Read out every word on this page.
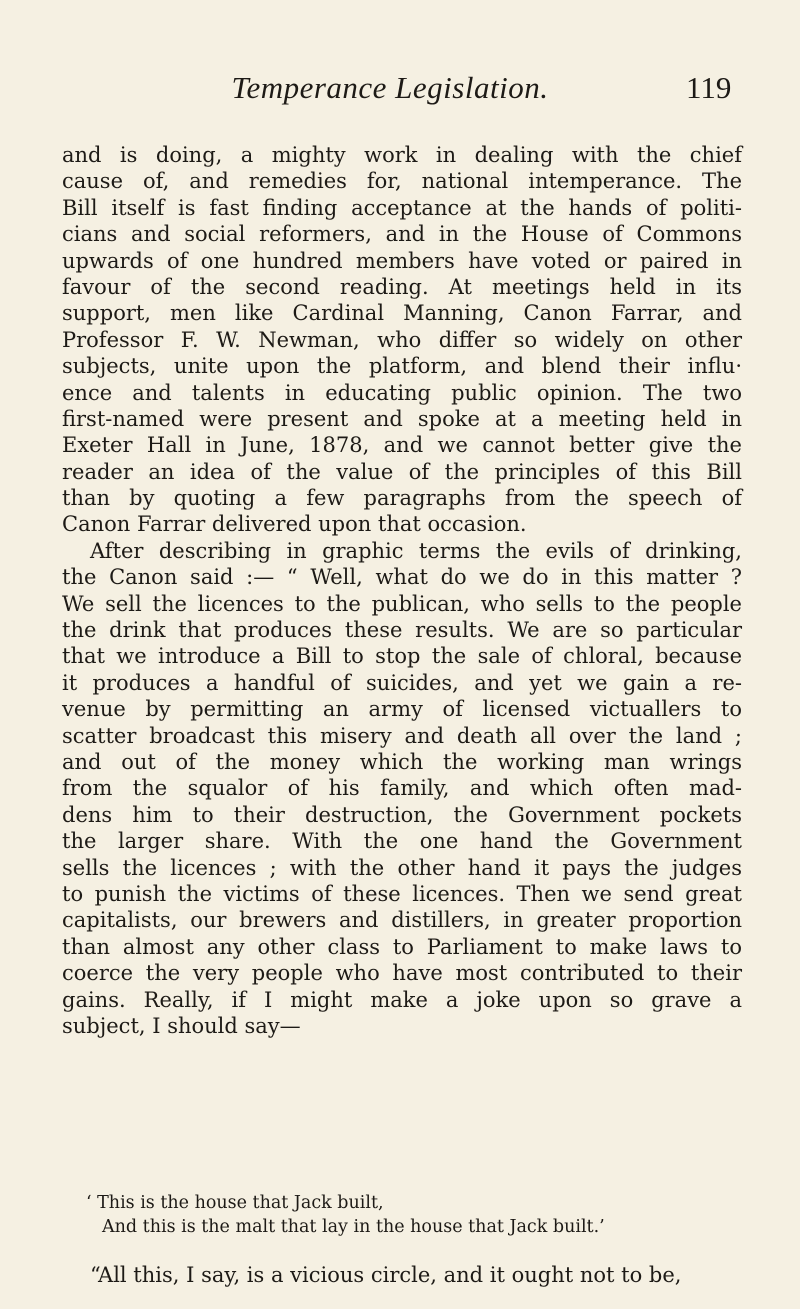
Temperance Legislation.	119
and is doing, a mighty work in dealing with the chief
cause of, and remedies for, national intemperance. The
Bill itself is fast finding acceptance at the hands of politi-
cians and social reformers, and in the House of Commons
upwards of one hundred members have voted or paired in
favour of the second reading. At meetings held in its
support, men like Cardinal Manning, Canon Farrar, and
Professor F. W. Newman, who differ so widely on other
subjects, unite upon the platform, and blend their influ·
ence and talents in educating public opinion. The two
first-named were present and spoke at a meeting held in
Exeter Hall in June, 1878, and we cannot better give the
reader an idea of the value of the principles of this Bill
than by quoting a few paragraphs from the speech of
Canon Farrar delivered upon that occasion.
After describing in graphic terms the evils of drinking,
the Canon said :— “ Well, what do we do in this matter ?
We sell the licences to the publican, who sells to the people
the drink that produces these results. We are so particular
that we introduce a Bill to stop the sale of chloral, because
it produces a handful of suicides, and yet we gain a re-
venue by permitting an army of licensed victuallers to
scatter broadcast this misery and death all over the land ;
and out of the money which the working man wrings
from the squalor of his family, and which often mad-
dens him to their destruction, the Government pockets
the larger share. With the one hand the Government
sells the licences ; with the other hand it pays the judges
to punish the victims of these licences. Then we send great
capitalists, our brewers and distillers, in greater proportion
than almost any other class to Parliament to make laws to
coerce the very people who have most contributed to their
gains. Really, if I might make a joke upon so grave a
subject, I should say—
‘ This is the house that Jack built,
And this is the malt that lay in the house that Jack built.’
“All this, I say, is a vicious circle, and it ought not to be,
